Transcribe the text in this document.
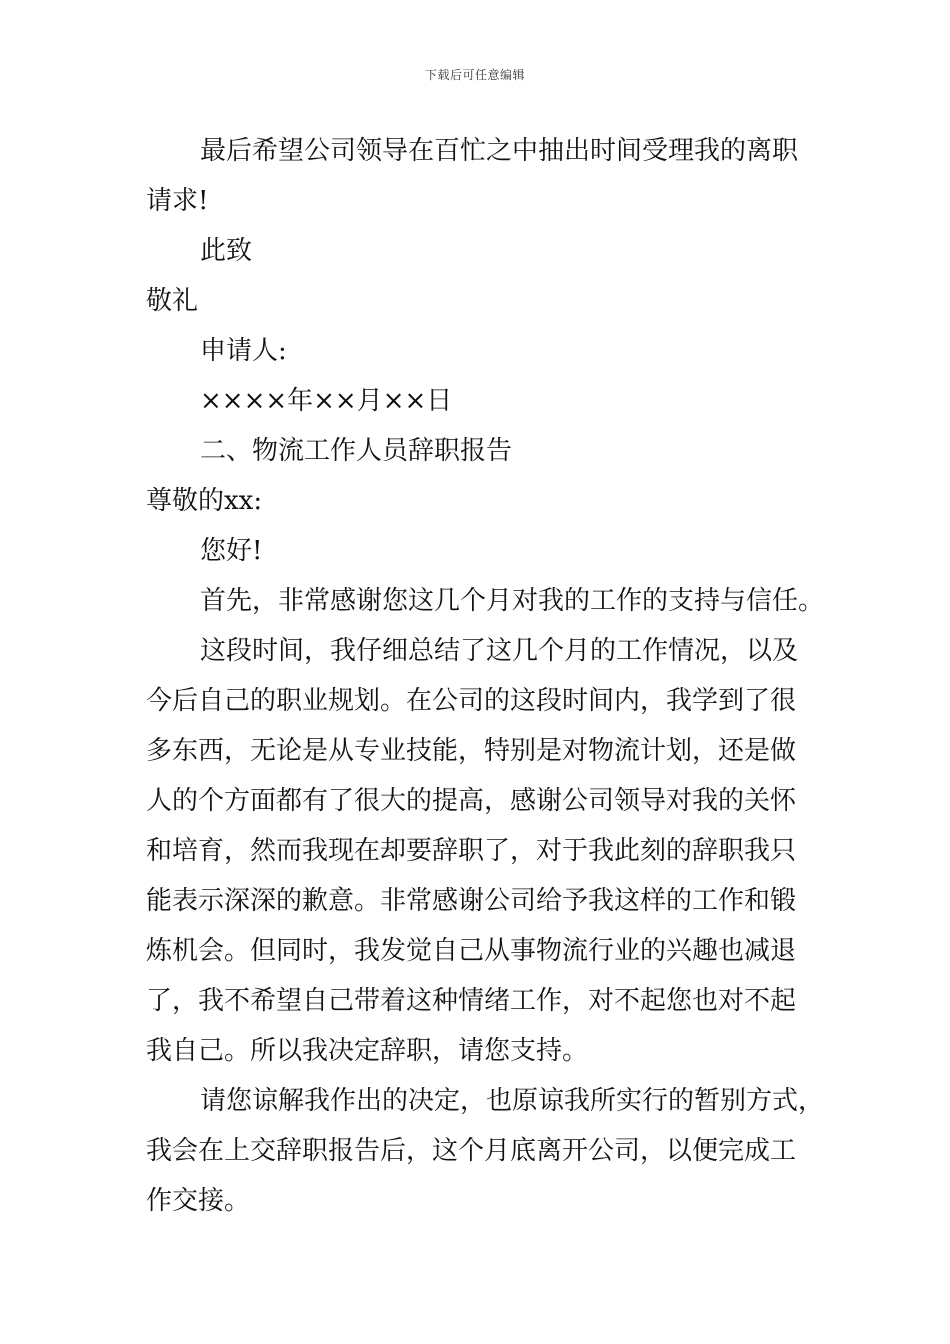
下载后可任意编辑
最后希望公司领导在百忙之中抽出时间受理我的离职
请求!
此致
敬礼
申请人:
××××年××月××日
二、物流工作人员辞职报告
尊敬的xx:
您好!
首先，非常感谢您这几个月对我的工作的支持与信任。
这段时间，我仔细总结了这几个月的工作情况，以及
今后自己的职业规划。在公司的这段时间内，我学到了很
多东西，无论是从专业技能，特别是对物流计划，还是做
人的个方面都有了很大的提高，感谢公司领导对我的关怀
和培育，然而我现在却要辞职了，对于我此刻的辞职我只
能表示深深的歉意。非常感谢公司给予我这样的工作和锻
炼机会。但同时，我发觉自己从事物流行业的兴趣也减退
了，我不希望自己带着这种情绪工作，对不起您也对不起
我自己。所以我决定辞职，请您支持。
请您谅解我作出的决定，也原谅我所实行的暂别方式，
我会在上交辞职报告后，这个月底离开公司，以便完成工
作交接。
